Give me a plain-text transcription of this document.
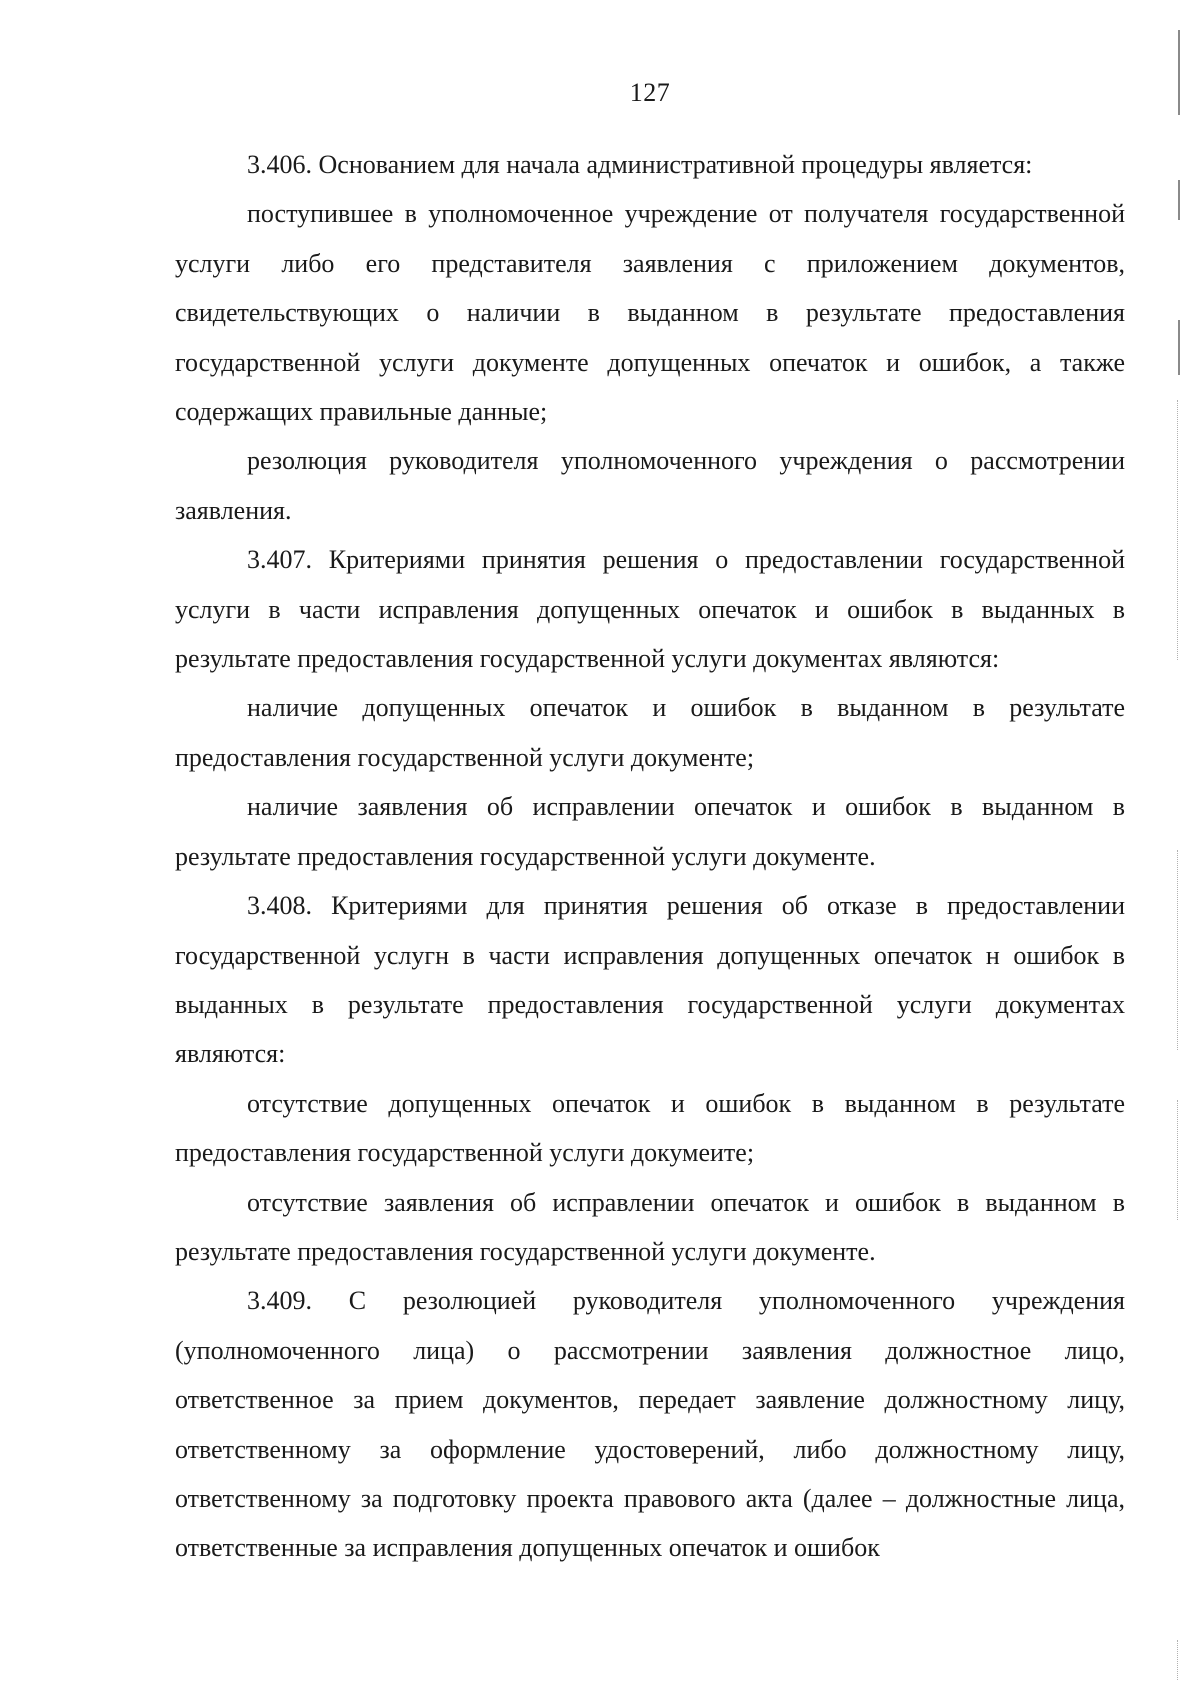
127

3.406. Основанием для начала административной процедуры является:

поступившее в уполномоченное учреждение от получателя государственной услуги либо его представителя заявления с приложением документов, свидетельствующих о наличии в выданном в результате предоставления государственной услуги документе допущенных опечаток и ошибок, а также содержащих правильные данные;

резолюция руководителя уполномоченного учреждения о рассмотрении заявления.

3.407. Критериями принятия решения о предоставлении государственной услуги в части исправления допущенных опечаток и ошибок в выданных в результате предоставления государственной услуги документах являются:

наличие допущенных опечаток и ошибок в выданном в результате предоставления государственной услуги документе;

наличие заявления об исправлении опечаток и ошибок в выданном в результате предоставления государственной услуги документе.

3.408. Критериями для принятия решения об отказе в предоставлении государственной услугн в части исправления допущенных опечаток н ошибок в выданных в результате предоставления государственной услуги документах являются:

отсутствие допущенных опечаток и ошибок в выданном в результате предоставления государственной услуги докумеите;

отсутствие заявления об исправлении опечаток и ошибок в выданном в результате предоставления государственной услуги документе.

3.409. С резолюцией руководителя уполномоченного учреждения (уполномоченного лица) о рассмотрении заявления должностное лицо, ответственное за прием документов, передает заявление должностному лицу, ответственному за оформление удостоверений, либо должностному лицу, ответственному за подготовку проекта правового акта (далее – должностные лица, ответственные за исправления допущенных опечаток и ошибок
